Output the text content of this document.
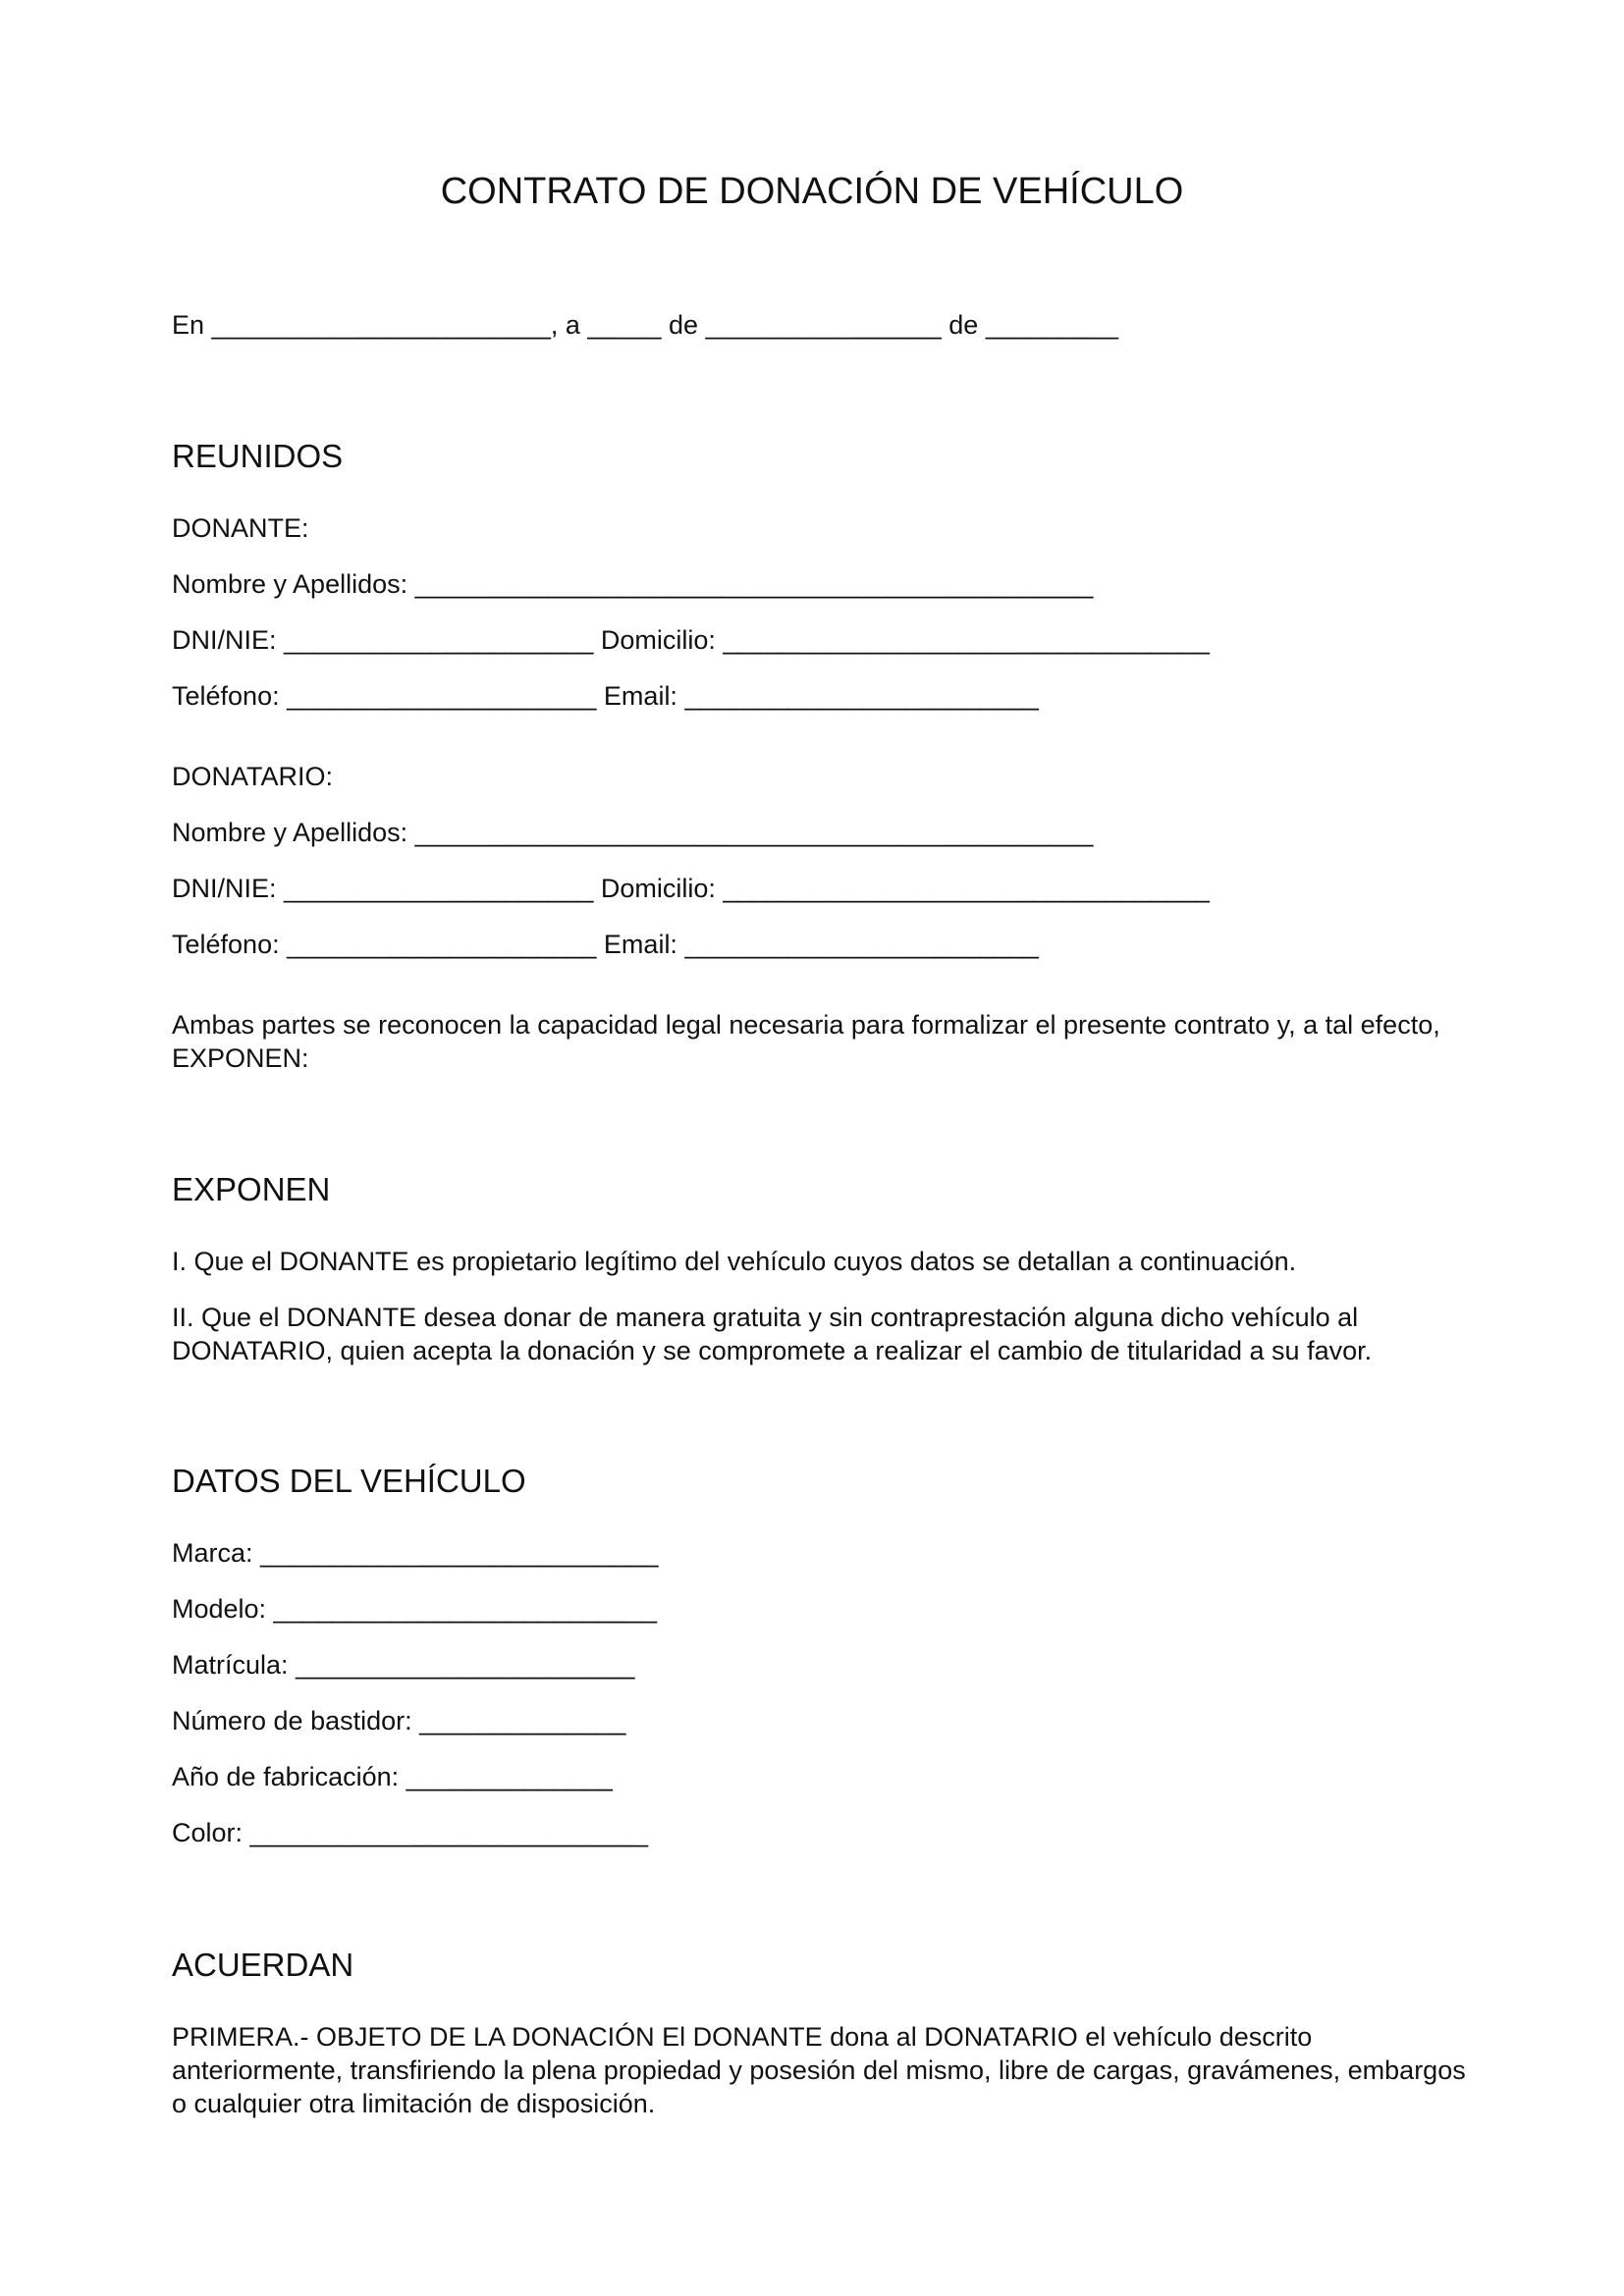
CONTRATO DE DONACIÓN DE VEHÍCULO
En _______________________, a _____ de ________________ de _________
REUNIDOS
DONANTE:
Nombre y Apellidos: ______________________________________________
DNI/NIE: _____________________ Domicilio: _________________________________
Teléfono: _____________________ Email: ________________________
DONATARIO:
Nombre y Apellidos: ______________________________________________
DNI/NIE: _____________________ Domicilio: _________________________________
Teléfono: _____________________ Email: ________________________
Ambas partes se reconocen la capacidad legal necesaria para formalizar el presente contrato y, a tal efecto, EXPONEN:
EXPONEN
I. Que el DONANTE es propietario legítimo del vehículo cuyos datos se detallan a continuación.
II. Que el DONANTE desea donar de manera gratuita y sin contraprestación alguna dicho vehículo al DONATARIO, quien acepta la donación y se compromete a realizar el cambio de titularidad a su favor.
DATOS DEL VEHÍCULO
Marca: ___________________________
Modelo: __________________________
Matrícula: _______________________
Número de bastidor: ______________
Año de fabricación: ______________
Color: ___________________________
ACUERDAN
PRIMERA.- OBJETO DE LA DONACIÓN El DONANTE dona al DONATARIO el vehículo descrito anteriormente, transfiriendo la plena propiedad y posesión del mismo, libre de cargas, gravámenes, embargos o cualquier otra limitación de disposición.
